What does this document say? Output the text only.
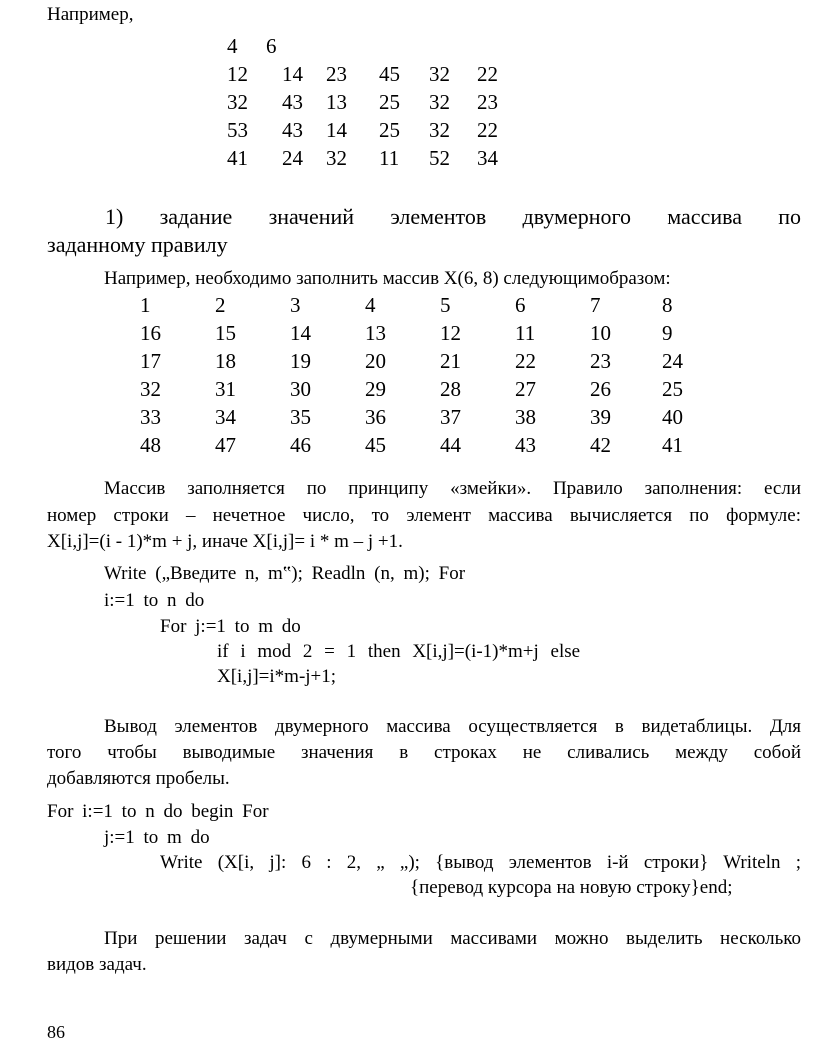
Например,
4 6
12 14 23 45 32 22
32 43 13 25 32 23
53 43 14 25 32 22
41 24 32 11 52 34
1) задание значений элементов двумерного массива по
заданному правилу
Например, необходимо заполнить массив X(6, 8) следующимобразом:
1	2	3	4	5	6	7	8
16	15	14	13	12	11	10 9
17	18	19	20	21	22	23 24
32	31	30	29	28	27	26 25
33	34	35	36	37	38	39 40
48	47	46	45	44	43	42 41
Массив заполняется по принципу «змейки». Правило заполнения: если
номер строки – нечетное число, то элемент массива вычисляется по формуле:
X[i,j]=(i - 1)*m + j, иначе X[i,j]= i * m – j +1.
Write („Введите n, m‟); Readln (n, m); For
i:=1 to n do
For j:=1 to m do
if i mod 2 = 1 then X[i,j]=(i-1)*m+j else
X[i,j]=i*m-j+1;
Вывод элементов двумерного массива осуществляется в видетаблицы. Для
того чтобы выводимые значения в строках не сливались между собой
добавляются пробелы.
For i:=1 to n do begin For
j:=1 to m do
Write (X[i, j]: 6 : 2, „ „); {вывод элементов i-й строки} Writeln ;
{перевод курсора на новую строку}end;
При решении задач с двумерными массивами можно выделить несколько
видов задач.
86
